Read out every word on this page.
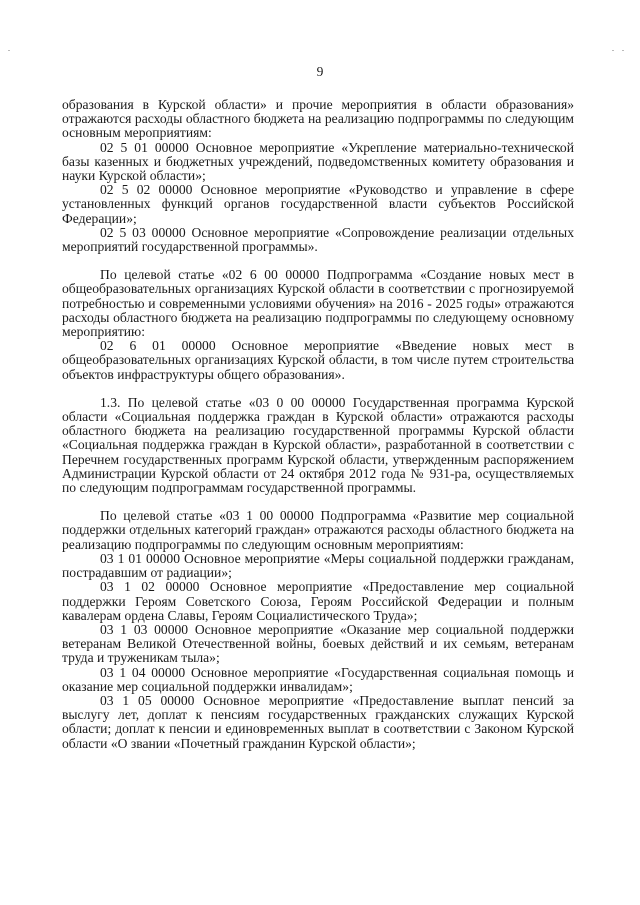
9

образования в Курской области» и прочие мероприятия в области образования» отражаются расходы областного бюджета на реализацию подпрограммы по следующим основным мероприятиям:

02 5 01 00000 Основное мероприятие «Укрепление материально-технической базы казенных и бюджетных учреждений, подведомственных комитету образования и науки Курской области»;

02 5 02 00000 Основное мероприятие «Руководство и управление в сфере установленных функций органов государственной власти субъектов Российской Федерации»;

02 5 03 00000 Основное мероприятие «Сопровождение реализации отдельных мероприятий государственной программы».

По целевой статье «02 6 00 00000 Подпрограмма «Создание новых мест в общеобразовательных организациях Курской области в соответствии с прогнозируемой потребностью и современными условиями обучения» на 2016 - 2025 годы» отражаются расходы областного бюджета на реализацию подпрограммы по следующему основному мероприятию:

02 6 01 00000 Основное мероприятие «Введение новых мест в общеобразовательных организациях Курской области, в том числе путем строительства объектов инфраструктуры общего образования».

1.3. По целевой статье «03 0 00 00000 Государственная программа Курской области «Социальная поддержка граждан в Курской области» отражаются расходы областного бюджета на реализацию государственной программы Курской области «Социальная поддержка граждан в Курской области», разработанной в соответствии с Перечнем государственных программ Курской области, утвержденным распоряжением Администрации Курской области от 24 октября 2012 года № 931-ра, осуществляемых по следующим подпрограммам государственной программы.

По целевой статье «03 1 00 00000 Подпрограмма «Развитие мер социальной поддержки отдельных категорий граждан» отражаются расходы областного бюджета на реализацию подпрограммы по следующим основным мероприятиям:

03 1 01 00000 Основное мероприятие «Меры социальной поддержки гражданам, пострадавшим от радиации»;

03 1 02 00000 Основное мероприятие «Предоставление мер социальной поддержки Героям Советского Союза, Героям Российской Федерации и полным кавалерам ордена Славы, Героям Социалистического Труда»;

03 1 03 00000 Основное мероприятие «Оказание мер социальной поддержки ветеранам Великой Отечественной войны, боевых действий и их семьям, ветеранам труда и труженикам тыла»;

03 1 04 00000 Основное мероприятие «Государственная социальная помощь и оказание мер социальной поддержки инвалидам»;

03 1 05 00000 Основное мероприятие «Предоставление выплат пенсий за выслугу лет, доплат к пенсиям государственных гражданских служащих Курской области; доплат к пенсии и единовременных выплат в соответствии с Законом Курской области «О звании «Почетный гражданин Курской области»;
